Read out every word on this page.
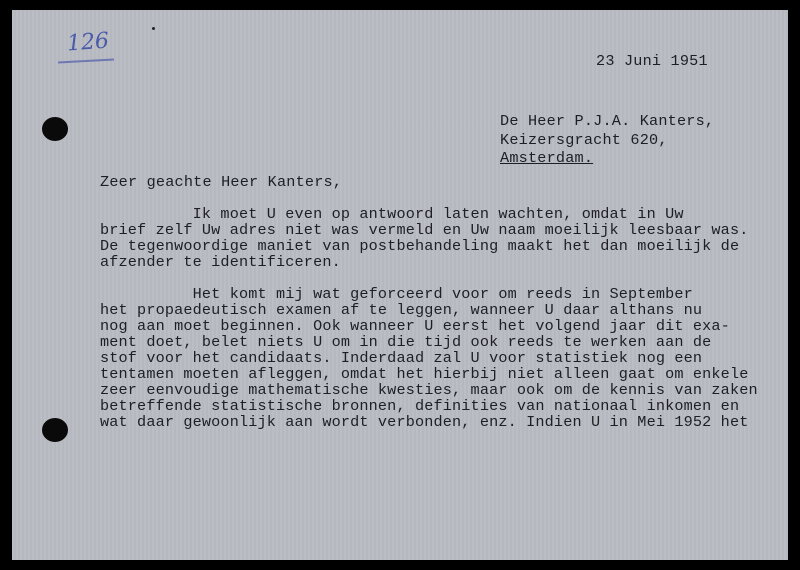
126
23 Juni 1951
De Heer P.J.A. Kanters,
Keizersgracht 620,
Amsterdam.
Zeer geachte Heer Kanters,
Ik moet U even op antwoord laten wachten, omdat in Uw
brief zelf Uw adres niet was vermeld en Uw naam moeilijk leesbaar was.
De tegenwoordige maniet van postbehandeling maakt het dan moeilijk de
afzender te identificeren.
Het komt mij wat geforceerd voor om reeds in September
het propaedeutisch examen af te leggen, wanneer U daar althans nu
nog aan moet beginnen. Ook wanneer U eerst het volgend jaar dit exa-
ment doet, belet niets U om in die tijd ook reeds te werken aan de
stof voor het candidaats. Inderdaad zal U voor statistiek nog een
tentamen moeten afleggen, omdat het hierbij niet alleen gaat om enkele
zeer eenvoudige mathematische kwesties, maar ook om de kennis van zaken
betreffende statistische bronnen, definities van nationaal inkomen en
wat daar gewoonlijk aan wordt verbonden, enz. Indien U in Mei 1952 het
